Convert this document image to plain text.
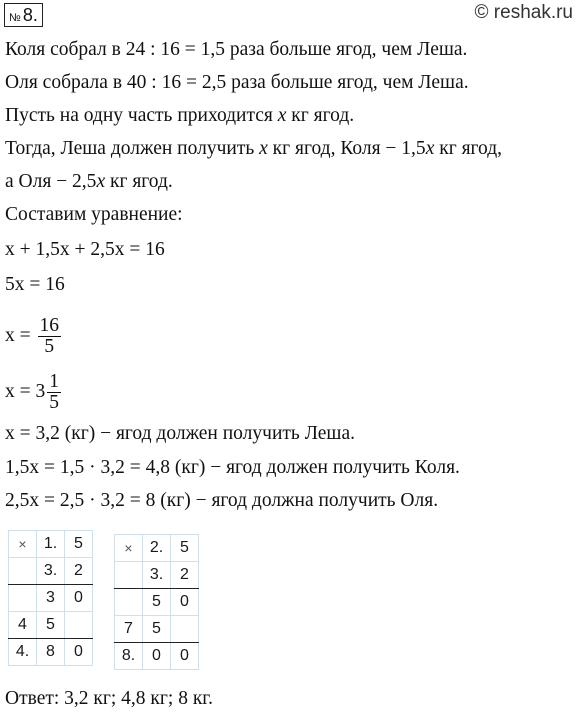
№ 8.	© reshak.ru
Коля собрал в 24 : 16 = 1,5 раза больше ягод, чем Леша.
Оля собрала в 40 : 16 = 2,5 раза больше ягод, чем Леша.
Пусть на одну часть приходится x кг ягод.
Тогда, Леша должен получить x кг ягод, Коля − 1,5x кг ягод,
а Оля − 2,5x кг ягод.
Составим уравнение:
x + 1,5x + 2,5x = 16
5x = 16
$x = \frac{16}{5}$
$x = 3 \frac{1}{5}$
x = 3,2 (кг) − ягод должен получить Леша.
1,5x = 1,5 · 3,2 = 4,8 (кг) − ягод должен получить Коля.
2,5x = 2,5 · 3,2 = 8 (кг) − ягод должна получить Оля.
×	1.	5
	3.	2
	3	0
4	5	
4.	8	0
×	2.	5
	3.	2
	5	0
7	5	
8.	0	0
Ответ: 3,2 кг; 4,8 кг; 8 кг.
